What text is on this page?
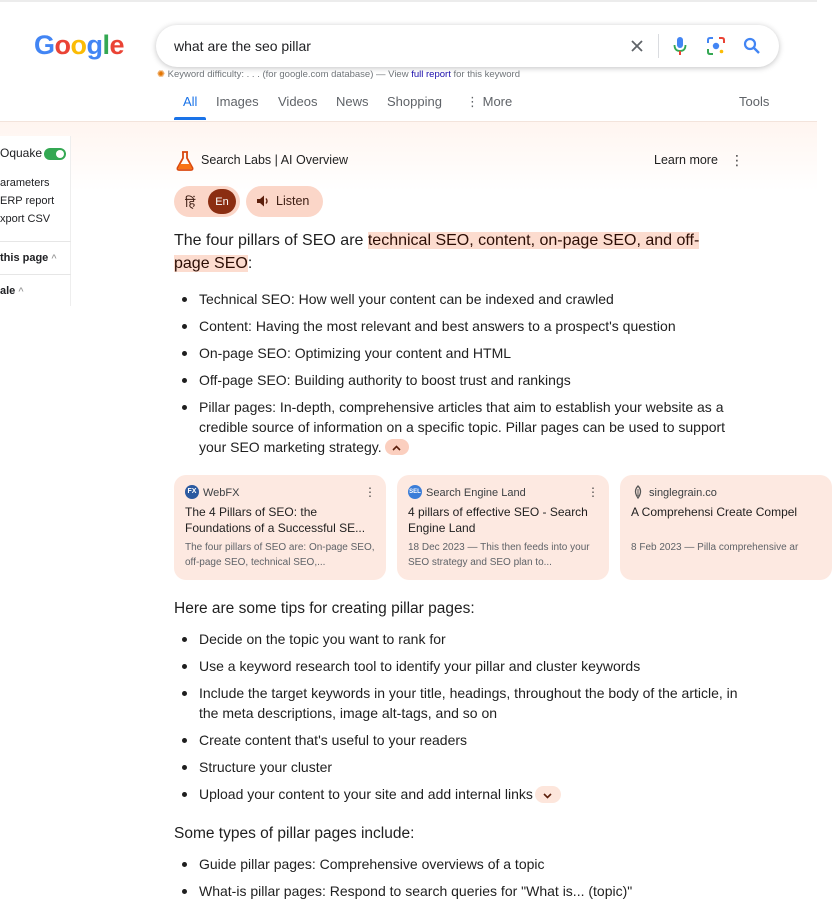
Google
what are the seo pillar
✺ Keyword difficulty: . . . (for google.com database) — View full report for this keyword
All Images Videos News Shopping ⋮ More	Tools
Oquake
arameters
ERP report
xport CSV
this page ^
ale ^
Search Labs | AI Overview	Learn more ⋮
हिं	En	Listen
The four pillars of SEO are technical SEO, content, on-page SEO, and off-page SEO:
Technical SEO: How well your content can be indexed and crawled
Content: Having the most relevant and best answers to a prospect's question
On-page SEO: Optimizing your content and HTML
Off-page SEO: Building authority to boost trust and rankings
Pillar pages: In-depth, comprehensive articles that aim to establish your website as a credible source of information on a specific topic. Pillar pages can be used to support your SEO marketing strategy.
FX WebFX	⋮
The 4 Pillars of SEO: the Foundations of a Successful SE...
The four pillars of SEO are: On-page SEO, off-page SEO, technical SEO,...
SEL Search Engine Land	⋮
4 pillars of effective SEO - Search Engine Land
18 Dec 2023 — This then feeds into your SEO strategy and SEO plan to...
singlegrain.co
A Comprehensi Create Compel
8 Feb 2023 — Pilla comprehensive ar
Here are some tips for creating pillar pages:
Decide on the topic you want to rank for
Use a keyword research tool to identify your pillar and cluster keywords
Include the target keywords in your title, headings, throughout the body of the article, in the meta descriptions, image alt-tags, and so on
Create content that's useful to your readers
Structure your cluster
Upload your content to your site and add internal links
Some types of pillar pages include:
Guide pillar pages: Comprehensive overviews of a topic
What-is pillar pages: Respond to search queries for "What is... (topic)"
